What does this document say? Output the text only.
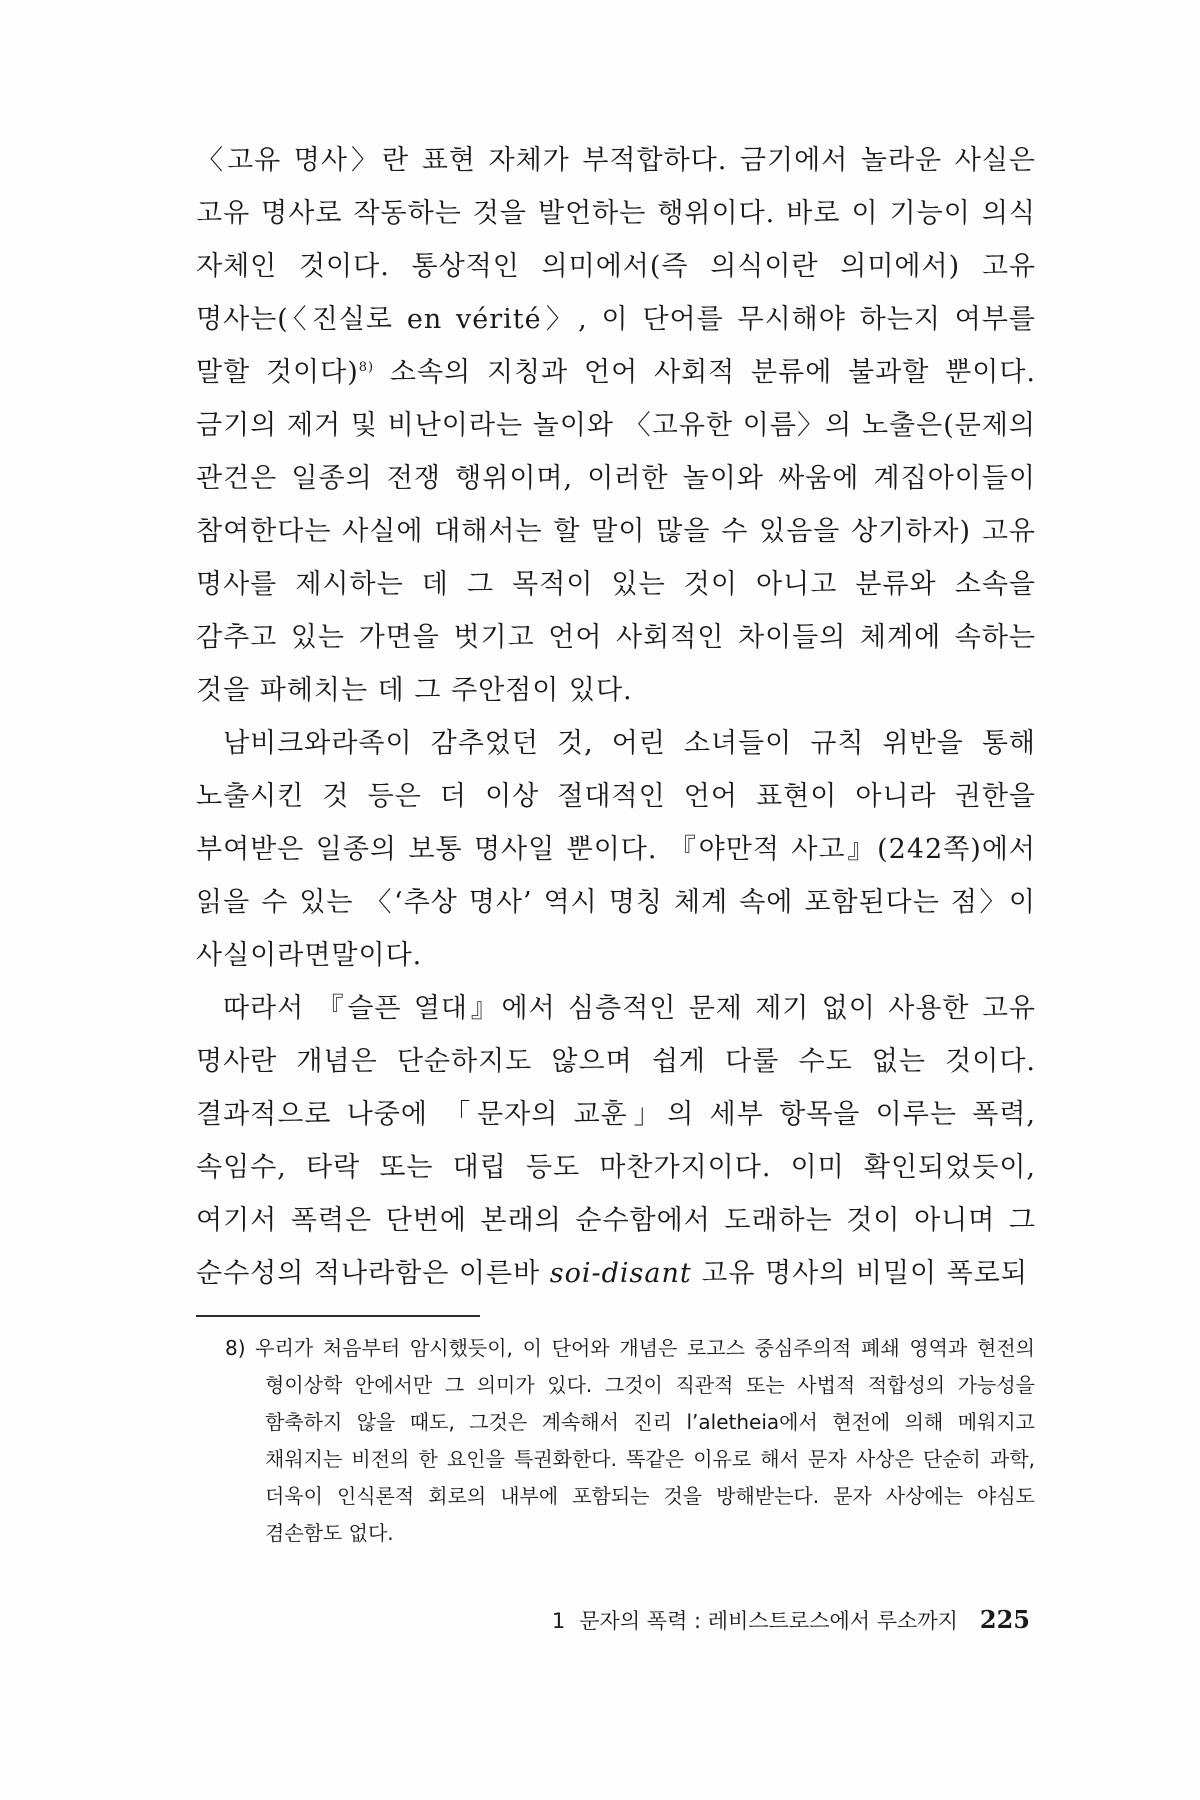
〈고유 명사〉란 표현 자체가 부적합하다. 금기에서 놀라운 사실은 고유 명사로 작동하는 것을 발언하는 행위이다. 바로 이 기능이 의식 자체인 것이다. 통상적인 의미에서(즉 의식이란 의미에서) 고유 명사는(〈진실로 en vérité〉, 이 단어를 무시해야 하는지 여부를 말할 것이다)$^{8)}$ 소속의 지칭과 언어 사회적 분류에 불과할 뿐이다. 금기의 제거 및 비난이라는 놀이와 〈고유한 이름〉의 노출은(문제의 관건은 일종의 전쟁 행위이며, 이러한 놀이와 싸움에 계집아이들이 참여한다는 사실에 대해서는 할 말이 많을 수 있음을 상기하자) 고유 명사를 제시하는 데 그 목적이 있는 것이 아니고 분류와 소속을 감추고 있는 가면을 벗기고 언어 사회적인 차이들의 체계에 속하는 것을 파헤치는 데 그 주안점이 있다.

남비크와라족이 감추었던 것, 어린 소녀들이 규칙 위반을 통해 노출시킨 것 등은 더 이상 절대적인 언어 표현이 아니라 권한을 부여받은 일종의 보통 명사일 뿐이다. 『야만적 사고』(242쪽)에서 읽을 수 있는 〈‘추상 명사’ 역시 명칭 체계 속에 포함된다는 점〉이 사실이라면말이다.

따라서 『슬픈 열대』에서 심층적인 문제 제기 없이 사용한 고유 명사란 개념은 단순하지도 않으며 쉽게 다룰 수도 없는 것이다. 결과적으로 나중에 「문자의 교훈」의 세부 항목을 이루는 폭력, 속임수, 타락 또는 대립 등도 마찬가지이다. 이미 확인되었듯이, 여기서 폭력은 단번에 본래의 순수함에서 도래하는 것이 아니며 그 순수성의 적나라함은 이른바 soi-disant 고유 명사의 비밀이 폭로되

8) 우리가 처음부터 암시했듯이, 이 단어와 개념은 로고스 중심주의적 폐쇄 영역과 현전의 형이상학 안에서만 그 의미가 있다. 그것이 직관적 또는 사법적 적합성의 가능성을 함축하지 않을 때도, 그것은 계속해서 진리 l’aletheia에서 현전에 의해 메워지고 채워지는 비전의 한 요인을 특권화한다. 똑같은 이유로 해서 문자 사상은 단순히 과학, 더욱이 인식론적 회로의 내부에 포함되는 것을 방해받는다. 문자 사상에는 야심도 겸손함도 없다.
1 문자의 폭력 : 레비스트로스에서 루소까지 225
